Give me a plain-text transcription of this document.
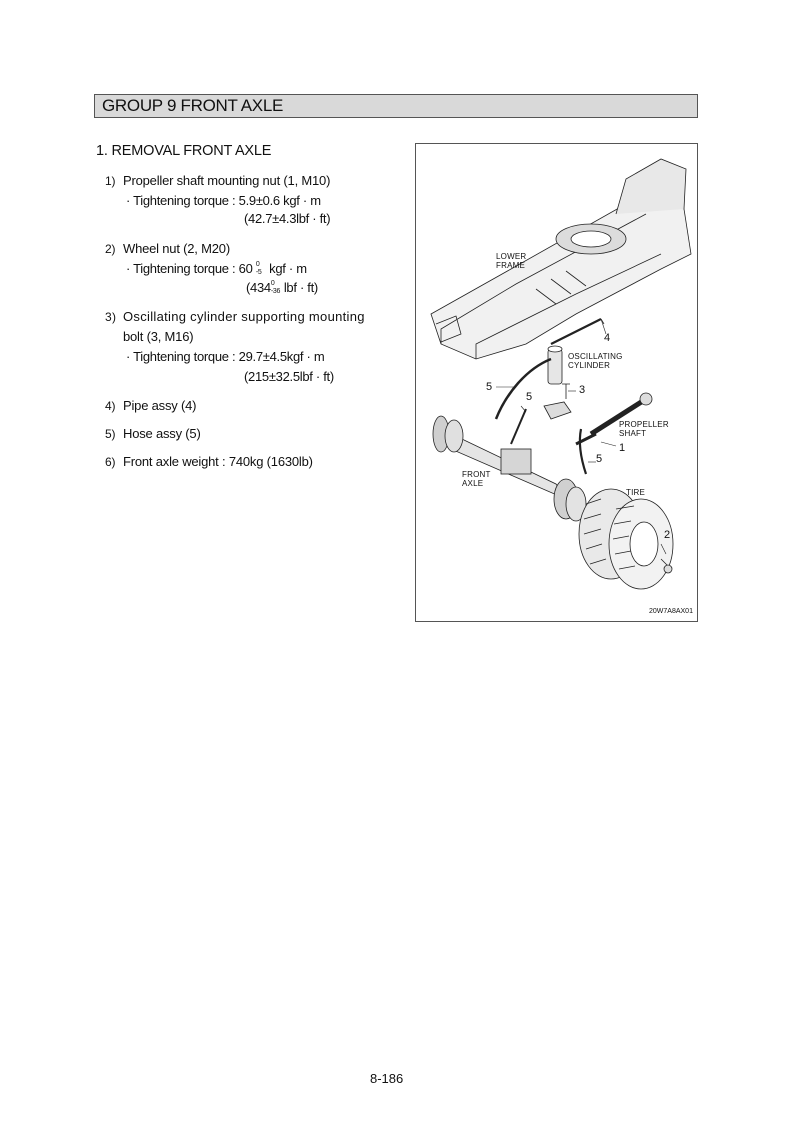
GROUP 9 FRONT AXLE
1. REMOVAL FRONT AXLE
1) Propeller shaft mounting nut (1, M10)
· Tightening torque : 5.9±0.6 kgf · m
(42.7±4.3lbf · ft)
2) Wheel nut (2, M20)
· Tightening torque : 60 0
-5 kgf · m
(434 0
-36 lbf · ft)
3) Oscillating cylinder supporting mounting
bolt (3, M16)
· Tightening torque : 29.7±4.5kgf · m
(215±32.5lbf · ft)
4) Pipe assy (4)
5) Hose assy (5)
6) Front axle weight : 740kg (1630lb)
LOWER
FRAME
OSCILLATING
CYLINDER
PROPELLER
SHAFT
FRONT
AXLE
TIRE
4
5
5
3
1
5
2
20W7A8AX01
8-186
